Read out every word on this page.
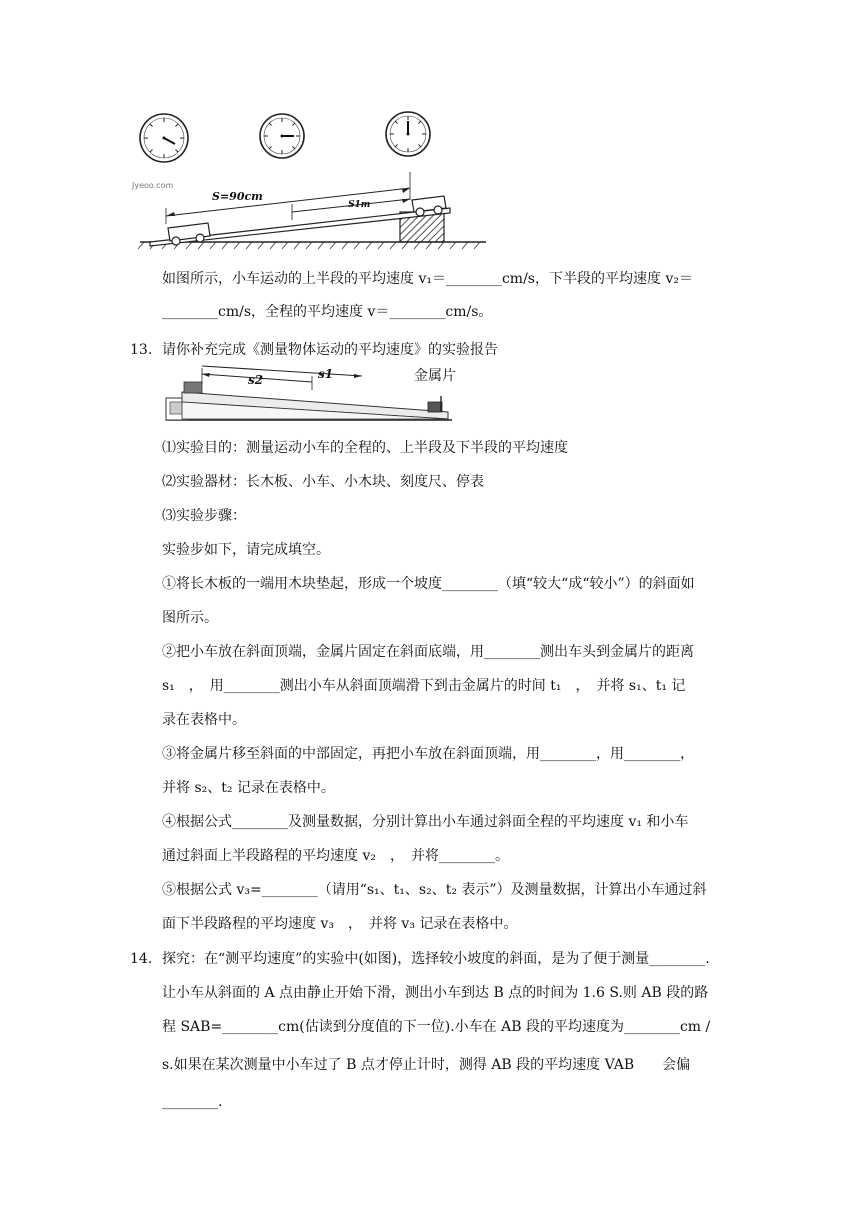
Jyeoo.com
S=90cm
S1m
如图所示，小车运动的上半段的平均速度 v₁＝________cm/s，下半段的平均速度 v₂＝
________cm/s，全程的平均速度 v＝________cm/s。
13. 请你补充完成《测量物体运动的平均速度》的实验报告
s2	s1	金属片
⑴实验目的：测量运动小车的全程的、上半段及下半段的平均速度
⑵实验器材：长木板、小车、小木块、刻度尺、停表
⑶实验步骤：
实验步如下，请完成填空。
①将长木板的一端用木块垫起，形成一个坡度________（填“较大“成“较小”）的斜面如
图所示。
②把小车放在斜面顶端，金属片固定在斜面底端，用________测出车头到金属片的距离
s₁　，　用________测出小车从斜面顶端滑下到击金属片的时间 t₁　，　并将 s₁、t₁ 记
录在表格中。
③将金属片移至斜面的中部固定，再把小车放在斜面顶端，用________，用________，
并将 s₂、t₂ 记录在表格中。
④根据公式________及测量数据，分别计算出小车通过斜面全程的平均速度 v₁ 和小车
通过斜面上半段路程的平均速度 v₂　，　并将________。
⑤根据公式 v₃=________（请用“s₁、t₁、s₂、t₂ 表示”）及测量数据，计算出小车通过斜
面下半段路程的平均速度 v₃　，　并将 v₃ 记录在表格中。
14. 探究：在“测平均速度”的实验中(如图)，选择较小坡度的斜面，是为了便于测量________.
让小车从斜面的 A 点由静止开始下滑，测出小车到达 B 点的时间为 1.6 S.则 AB 段的路
程 SAB=________cm(估读到分度值的下一位).小车在 AB 段的平均速度为________cm /
s.如果在某次测量中小车过了 B 点才停止计时，测得 AB 段的平均速度 VAB　　会偏
________.
